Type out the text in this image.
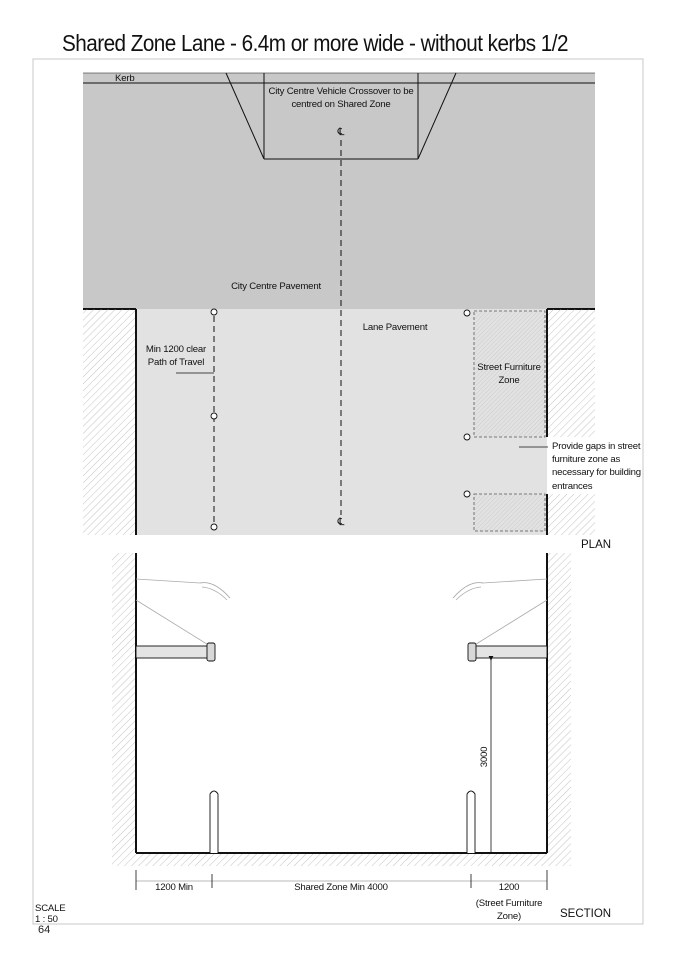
Shared Zone Lane - 6.4m or more wide - without kerbs 1/2
℄
℄
Kerb
City Centre Vehicle Crossover to be
centred on Shared Zone
City Centre Pavement
Lane Pavement
Min 1200 clear
Path of Travel	Street Furniture
Zone
Provide gaps in street
furniture zone as
necessary for building
entrances
PLAN
3000
1200 Min	Shared Zone Min 4000	1200
(Street Furniture
Zone)	SECTION
SCALE
1 : 50
64
